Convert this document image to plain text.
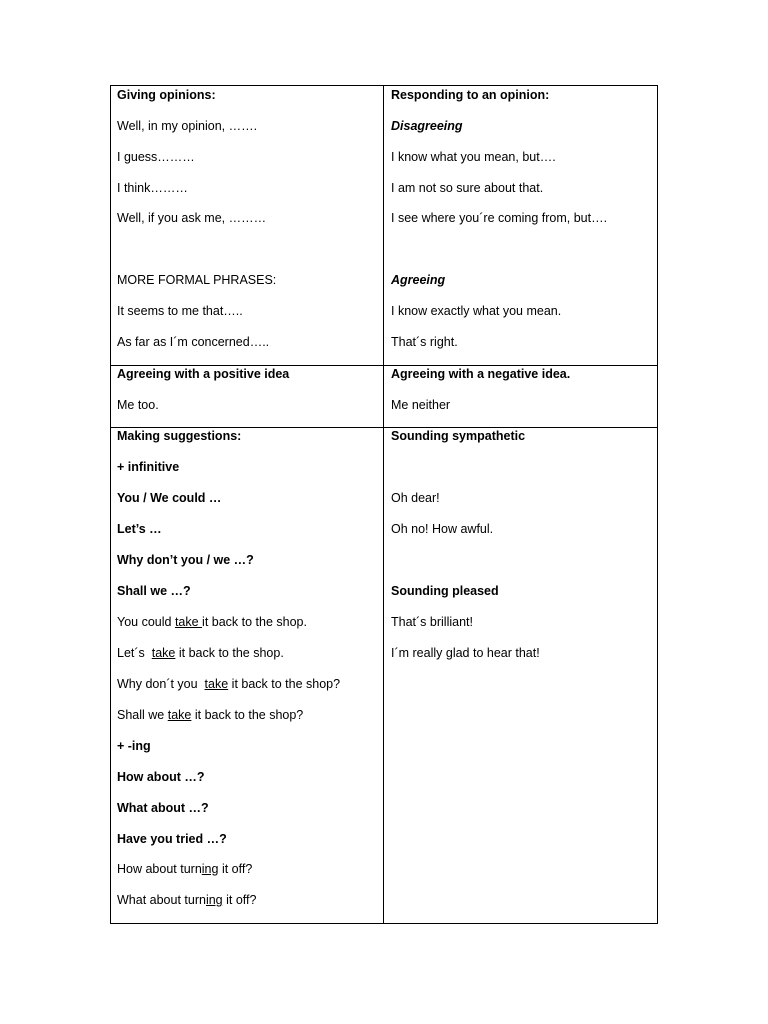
Giving opinions:
Well, in my opinion, …….
I guess………
I think………
Well, if you ask me, ………
MORE FORMAL PHRASES:
It seems to me that…..
As far as I´m concerned…..
Agreeing with a positive idea
Me too.
Making suggestions:
+ infinitive
You / We could …
Let’s …
Why don’t you / we …?
Shall we …?
You could take it back to the shop.
Let´s  take it back to the shop.
Why don´t you  take it back to the shop?
Shall we take it back to the shop?
+ -ing
How about …?
What about …?
Have you tried …?
How about turning it off?
What about turning it off?
Responding to an opinion:
Disagreeing
I know what you mean, but….
I am not so sure about that.
I see where you´re coming from, but….
Agreeing
I know exactly what you mean.
That´s right.
Agreeing with a negative idea.
Me neither
Sounding sympathetic
Oh dear!
Oh no! How awful.
Sounding pleased
That´s brilliant!
I´m really glad to hear that!
